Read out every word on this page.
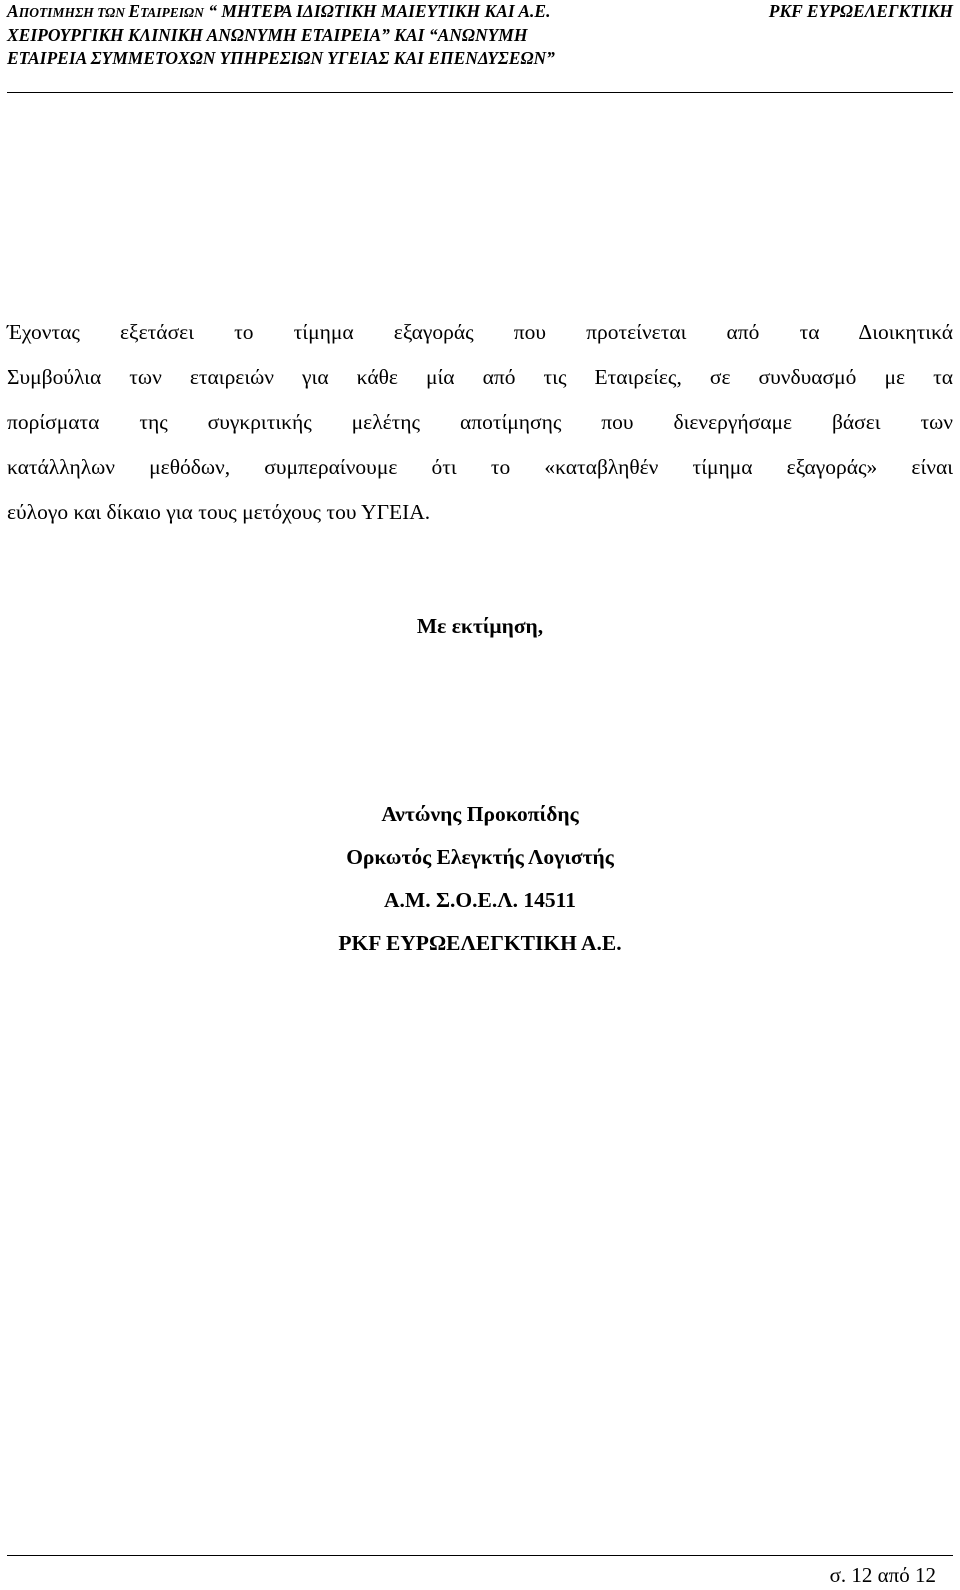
ΑΠΟΤΙΜΗΣΗ ΤΩΝ ΕΤΑΙΡΕΙΩΝ “ ΜΗΤΕΡΑ ΙΔΙΩΤΙΚΗ ΜΑΙΕΥΤΙΚΗ ΚΑΙ Α.Ε.
ΧΕΙΡΟΥΡΓΙΚΗ ΚΛΙΝΙΚΗ ΑΝΩΝΥΜΗ ΕΤΑΙΡΕΙΑ” ΚΑΙ “ΑΝΩΝΥΜΗ
ΕΤΑΙΡΕΙΑ ΣΥΜΜΕΤΟΧΩΝ ΥΠΗΡΕΣΙΩΝ ΥΓΕΙΑΣ ΚΑΙ ΕΠΕΝΔΥΣΕΩΝ”
PKF ΕΥΡΩΕΛΕΓΚΤΙΚΗ
Έχοντας εξετάσει το τίμημα εξαγοράς που προτείνεται από τα Διοικητικά
Συμβούλια των εταιρειών για κάθε μία από τις Εταιρείες, σε συνδυασμό με τα
πορίσματα της συγκριτικής μελέτης αποτίμησης που διενεργήσαμε βάσει των
κατάλληλων μεθόδων, συμπεραίνουμε ότι το «καταβληθέν τίμημα εξαγοράς» είναι
εύλογο και δίκαιο για τους μετόχους του ΥΓΕΙΑ.
Με εκτίμηση,
Αντώνης Προκοπίδης
Ορκωτός Ελεγκτής Λογιστής
Α.Μ. Σ.Ο.Ε.Λ. 14511
PKF ΕΥΡΩΕΛΕΓΚΤΙΚΗ Α.Ε.
σ. 12 από 12
